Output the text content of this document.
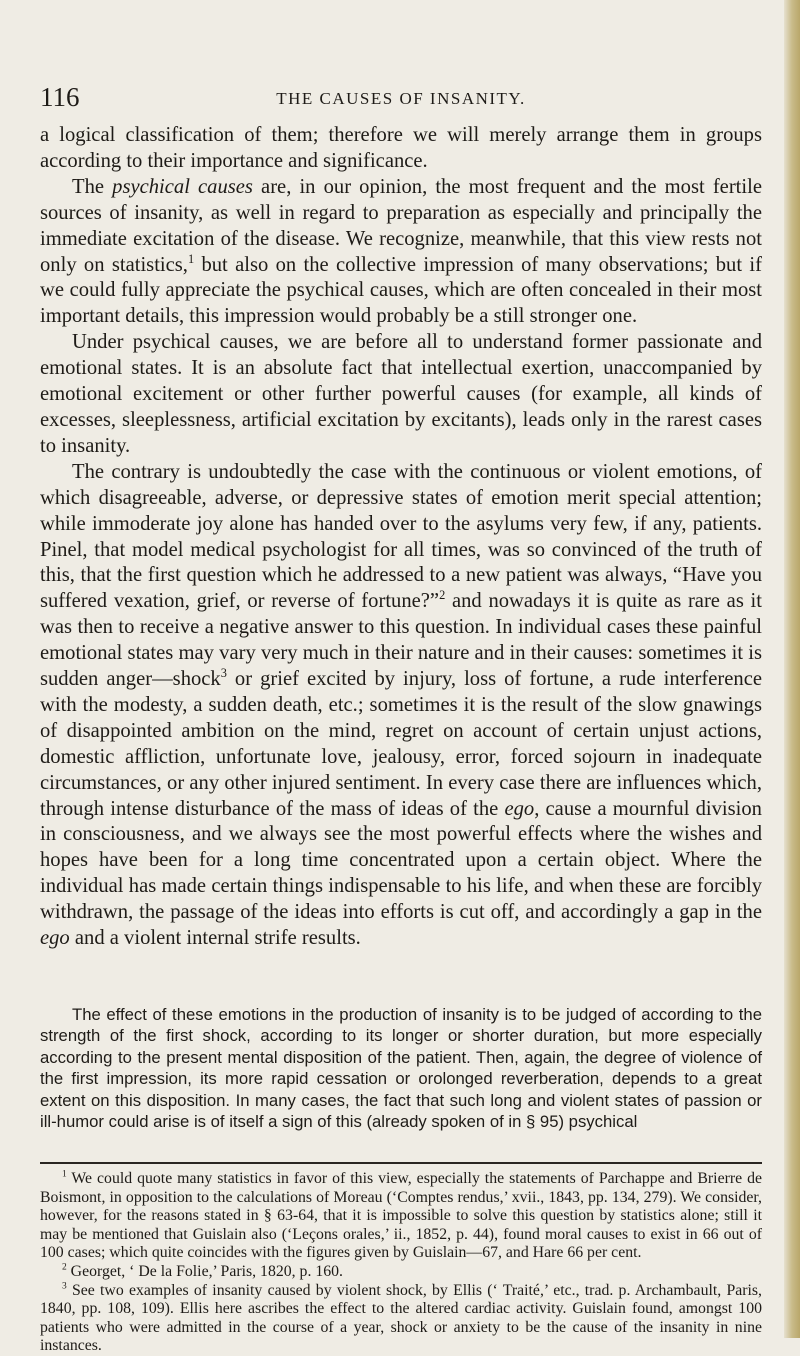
116	THE CAUSES OF INSANITY.

a logical classification of them; therefore we will merely arrange them in groups according to their importance and significance.

The psychical causes are, in our opinion, the most frequent and the most fertile sources of insanity, as well in regard to preparation as especially and principally the immediate excitation of the disease. We recognize, meanwhile, that this view rests not only on statistics,$^1$ but also on the collective impression of many observations; but if we could fully appreciate the psychical causes, which are often concealed in their most important details, this impression would probably be a still stronger one.

Under psychical causes, we are before all to understand former passionate and emotional states. It is an absolute fact that intellectual exertion, unaccompanied by emotional excitement or other further powerful causes (for example, all kinds of excesses, sleeplessness, artificial excitation by excitants), leads only in the rarest cases to insanity.

The contrary is undoubtedly the case with the continuous or violent emotions, of which disagreeable, adverse, or depressive states of emotion merit special attention; while immoderate joy alone has handed over to the asylums very few, if any, patients. Pinel, that model medical psychologist for all times, was so convinced of the truth of this, that the first question which he addressed to a new patient was always, “Have you suffered vexation, grief, or reverse of fortune?”$^2$ and nowadays it is quite as rare as it was then to receive a negative answer to this question. In individual cases these painful emotional states may vary very much in their nature and in their causes: sometimes it is sudden anger—shock$^3$ or grief excited by injury, loss of fortune, a rude interference with the modesty, a sudden death, etc.; sometimes it is the result of the slow gnawings of disappointed ambition on the mind, regret on account of certain unjust actions, domestic affliction, unfortunate love, jealousy, error, forced sojourn in inadequate circumstances, or any other injured sentiment. In every case there are influences which, through intense disturbance of the mass of ideas of the ego, cause a mournful division in consciousness, and we always see the most powerful effects where the wishes and hopes have been for a long time concentrated upon a certain object. Where the individual has made certain things indispensable to his life, and when these are forcibly withdrawn, the passage of the ideas into efforts is cut off, and accordingly a gap in the ego and a violent internal strife results.

The effect of these emotions in the production of insanity is to be judged of according to the strength of the first shock, according to its longer or shorter duration, but more especially according to the present mental disposition of the patient. Then, again, the degree of violence of the first impression, its more rapid cessation or orolonged reverberation, depends to a great extent on this disposition. In many cases, the fact that such long and violent states of passion or ill-humor could arise is of itself a sign of this (already spoken of in § 95) psychical

$^1$ We could quote many statistics in favor of this view, especially the statements of Parchappe and Brierre de Boismont, in opposition to the calculations of Moreau (‘Comptes rendus,’ xvii., 1843, pp. 134, 279). We consider, however, for the reasons stated in § 63-64, that it is impossible to solve this question by statistics alone; still it may be mentioned that Guislain also (‘Leçons orales,’ ii., 1852, p. 44), found moral causes to exist in 66 out of 100 cases; which quite coincides with the figures given by Guislain—67, and Hare 66 per cent.

$^2$ Georget, ‘ De la Folie,’ Paris, 1820, p. 160.

$^3$ See two examples of insanity caused by violent shock, by Ellis (‘ Traité,’ etc., trad. p. Archambault, Paris, 1840, pp. 108, 109). Ellis here ascribes the effect to the altered cardiac activity. Guislain found, amongst 100 patients who were admitted in the course of a year, shock or anxiety to be the cause of the insanity in nine instances.
